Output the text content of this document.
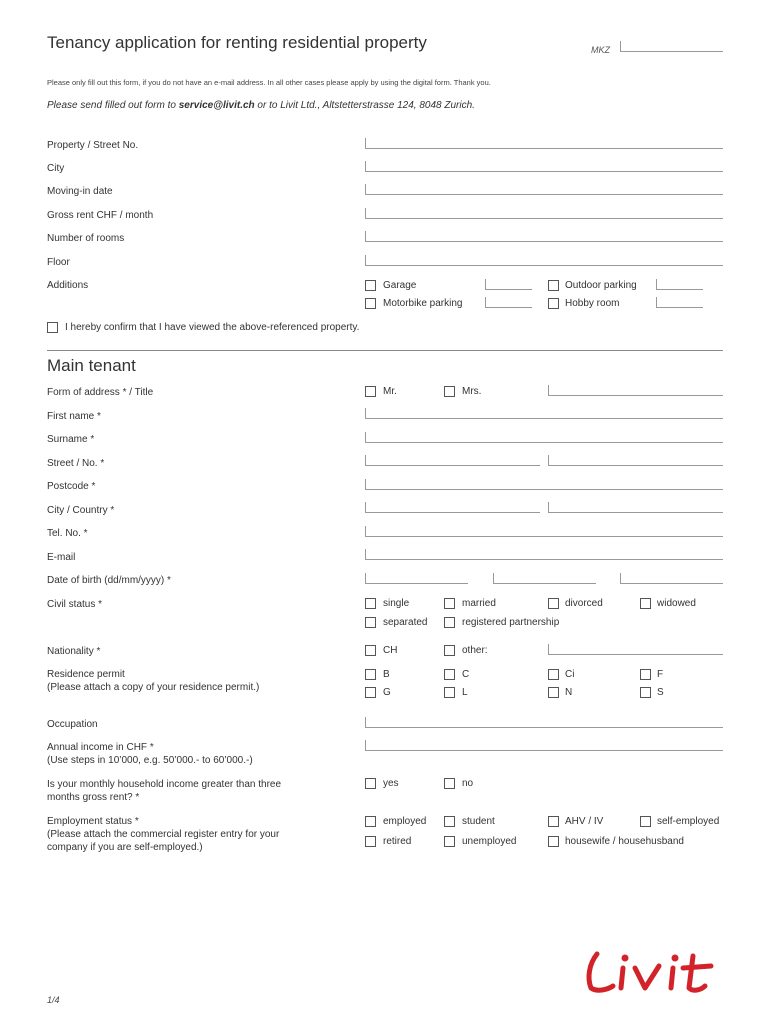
Tenancy application for renting residential property	MKZ
Please only fill out this form, if you do not have an e-mail address. In all other cases please apply by using the digital form. Thank you.
Please send filled out form to service@livit.ch or to Livit Ltd., Altstetterstrasse 124, 8048 Zurich.
Property / Street No.
City
Moving-in date
Gross rent CHF / month
Number of rooms
Floor
Additions	Garage	Outdoor parking
Motorbike parking	Hobby room
I hereby confirm that I have viewed the above-referenced property.
Main tenant
Form of address * / Title	Mr.	Mrs.
First name *
Surname *
Street / No. *
Postcode *
City / Country *
Tel. No. *
E-mail
Date of birth (dd/mm/yyyy) *
Civil status *	single	married	divorced	widowed
separated	registered partnership
Nationality *	CH	other:
Residence permit
(Please attach a copy of your residence permit.)
B	C	Ci	F
G	L	N	S
Occupation
Annual income in CHF *
(Use steps in 10’000, e.g. 50’000.- to 60’000.-)
Is your monthly household income greater than three
months gross rent? *
yes	no
Employment status *
(Please attach the commercial register entry for your
company if you are self-employed.)
employed	student	AHV / IV	self-employed
retired	unemployed	housewife / househusband
1/4
